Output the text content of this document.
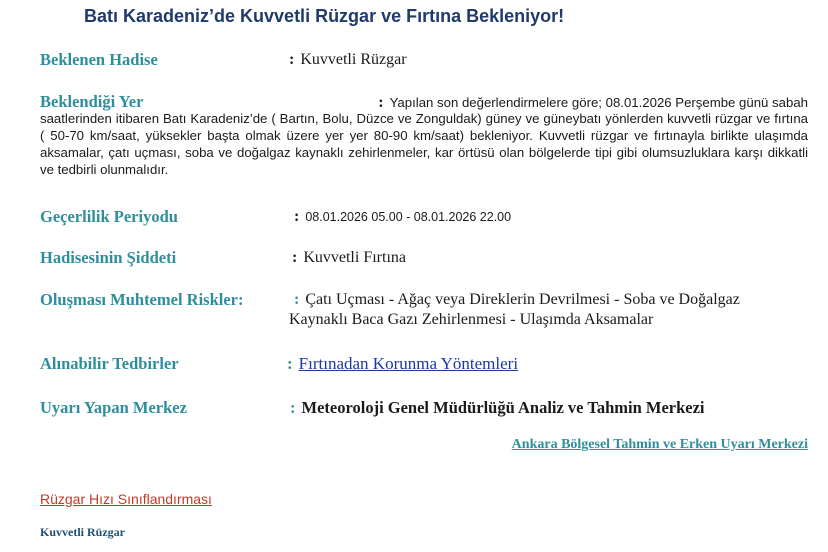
Batı Karadeniz’de Kuvvetli Rüzgar ve Fırtına Bekleniyor!
Beklenen Hadise	: Kuvvetli Rüzgar
Beklendiği Yer	: Yapılan son değerlendirmelere göre; 08.01.2026 Perşembe günü sabah
saatlerinden itibaren Batı Karadeniz’de ( Bartın, Bolu, Düzce ve Zonguldak) güney ve güneybatı yönlerden kuvvetli rüzgar ve fırtına ( 50-70 km/saat, yüksekler başta olmak üzere yer yer 80-90 km/saat) bekleniyor. Kuvvetli rüzgar ve fırtınayla birlikte ulaşımda aksamalar, çatı uçması, soba ve doğalgaz kaynaklı zehirlenmeler, kar örtüsü olan bölgelerde tipi gibi olumsuzluklara karşı dikkatli ve tedbirli olunmalıdır.
Geçerlilik Periyodu	: 08.01.2026 05.00 - 08.01.2026 22.00
Hadisesinin Şiddeti	: Kuvvetli Fırtına
Oluşması Muhtemel Riskler:	: Çatı Uçması - Ağaç veya Direklerin Devrilmesi - Soba ve Doğalgaz
Kaynaklı Baca Gazı Zehirlenmesi - Ulaşımda Aksamalar
Alınabilir Tedbirler	: Fırtınadan Korunma Yöntemleri
Uyarı Yapan Merkez	: Meteoroloji Genel Müdürlüğü Analiz ve Tahmin Merkezi
Ankara Bölgesel Tahmin ve Erken Uyarı Merkezi
Rüzgar Hızı Sınıflandırması
Kuvvetli Rüzgar
